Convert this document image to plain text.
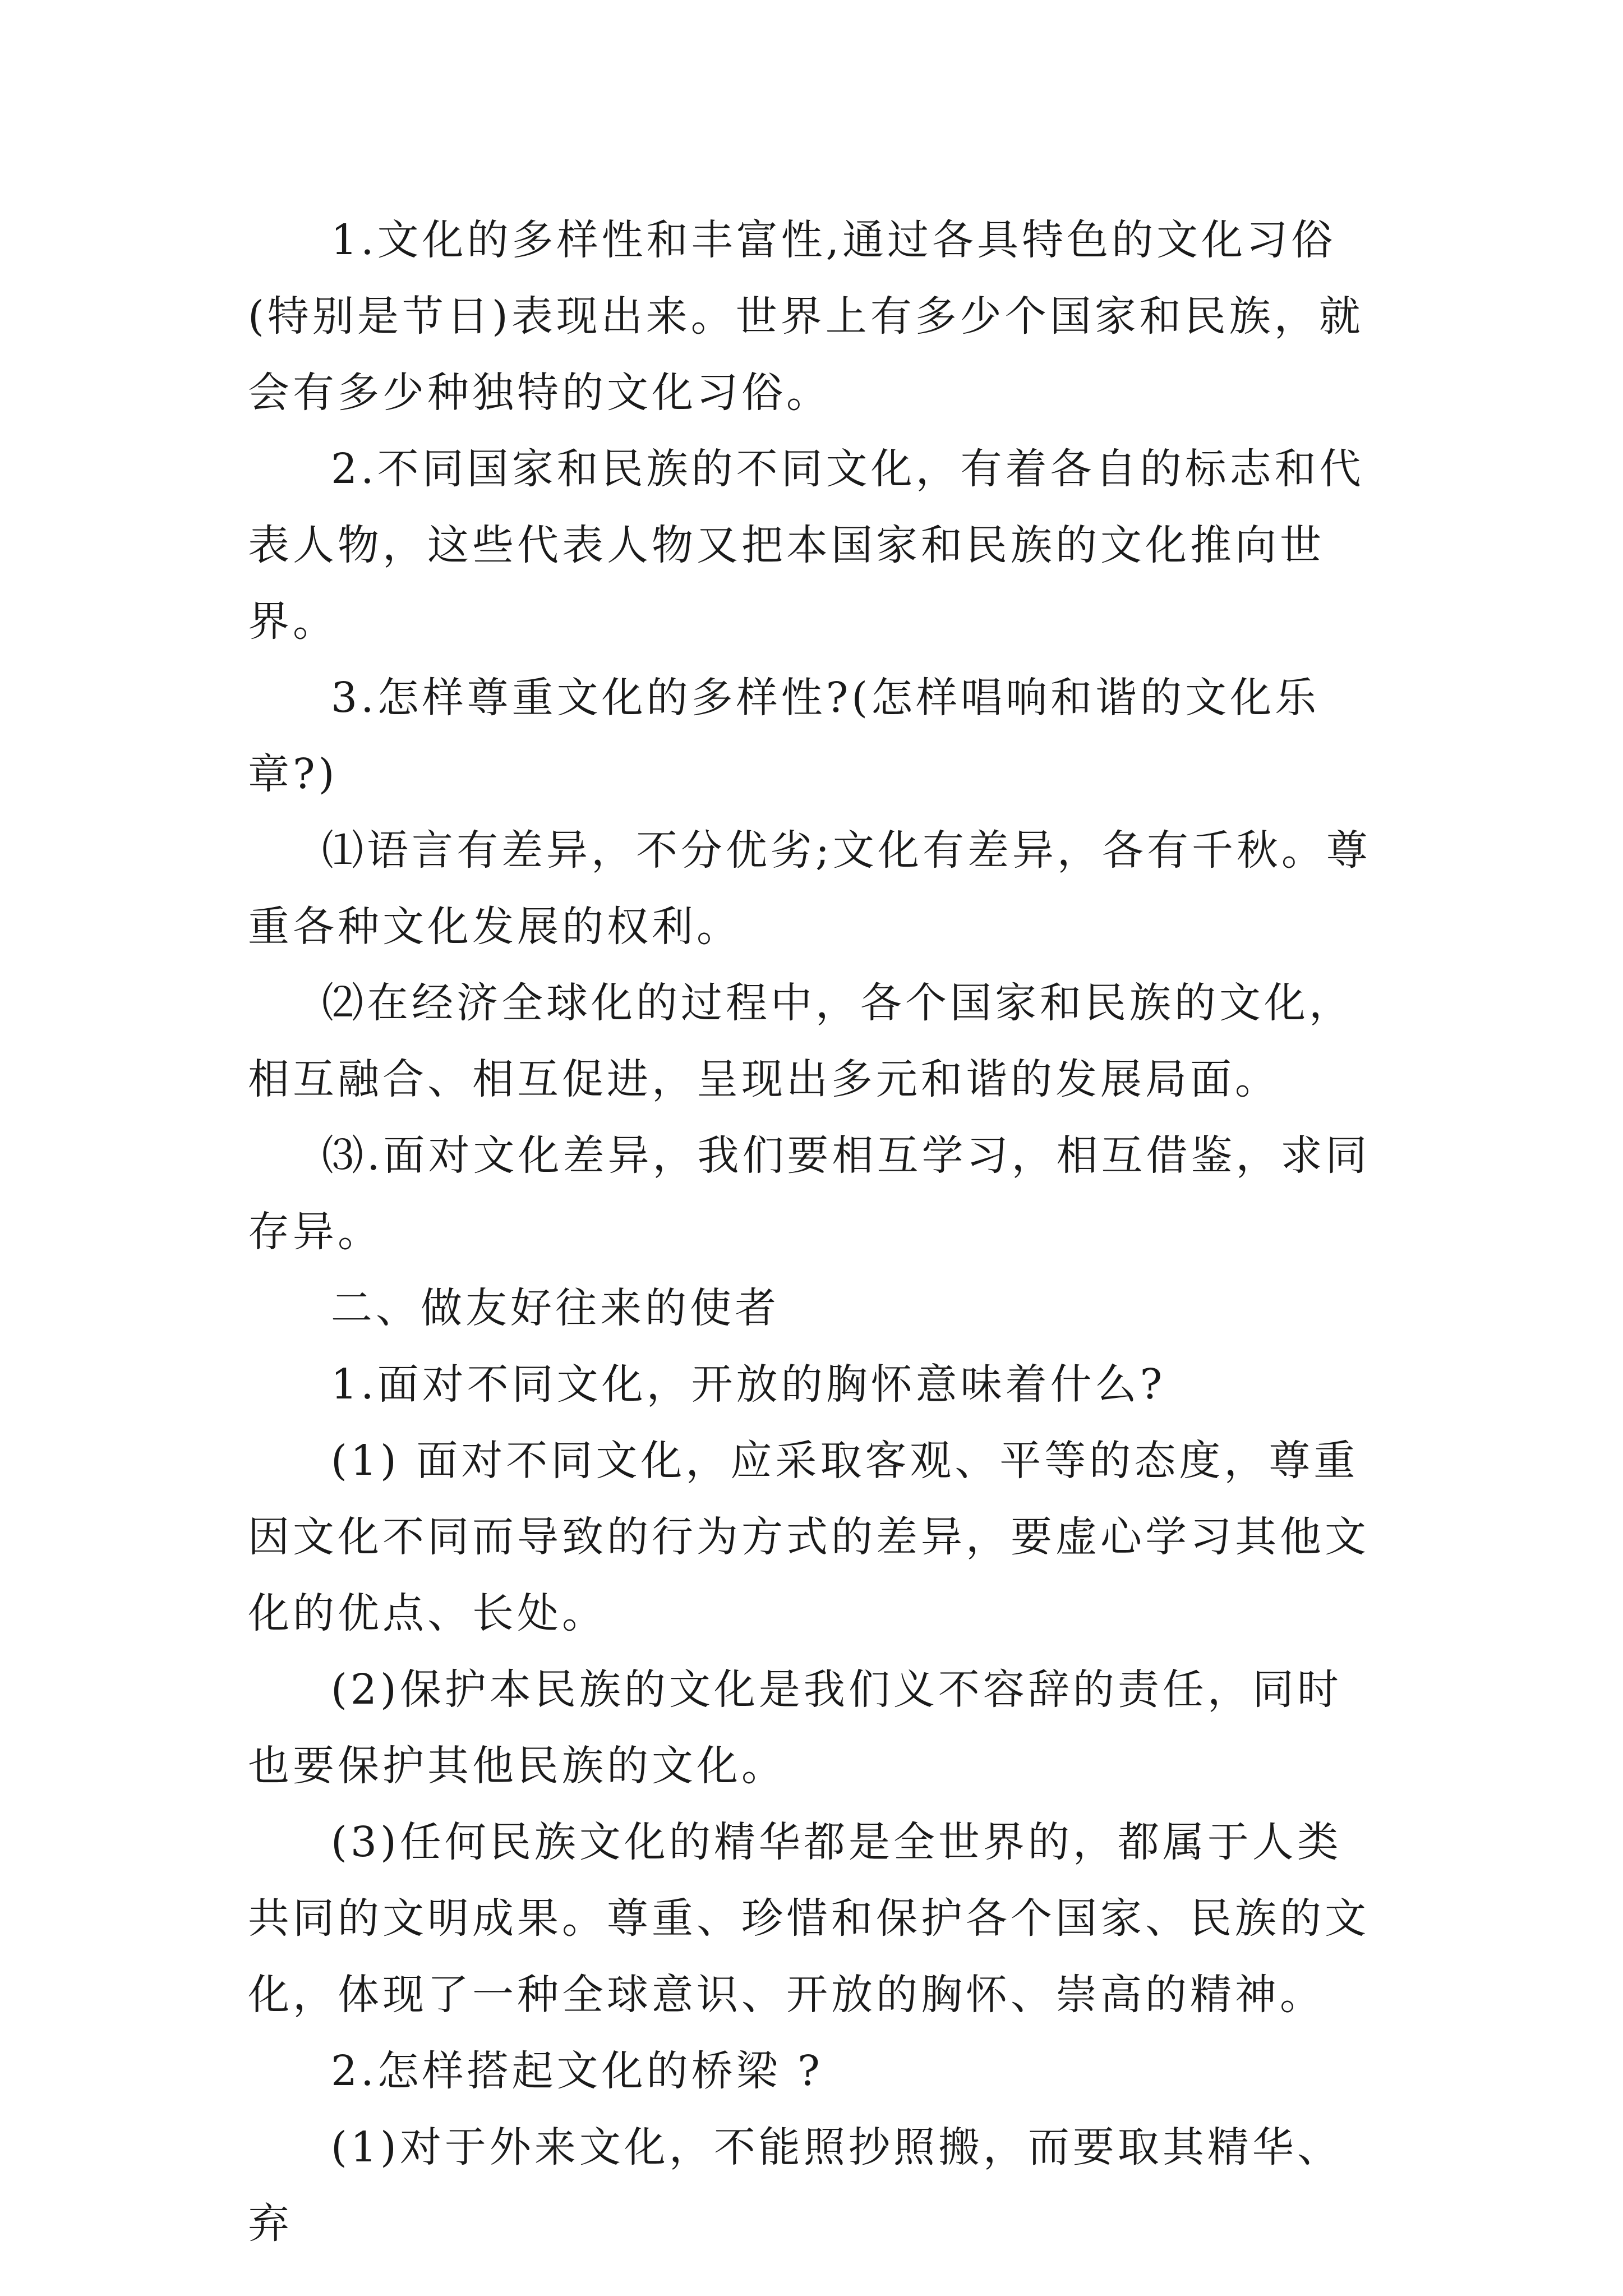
1.文化的多样性和丰富性,通过各具特色的文化习俗(特别是节日)表现出来。世界上有多少个国家和民族，就会有多少种独特的文化习俗。

2.不同国家和民族的不同文化，有着各自的标志和代表人物，这些代表人物又把本国家和民族的文化推向世界。

3.怎样尊重文化的多样性?(怎样唱响和谐的文化乐章?)

⑴语言有差异，不分优劣;文化有差异，各有千秋。尊重各种文化发展的权利。

⑵在经济全球化的过程中，各个国家和民族的文化，相互融合、相互促进，呈现出多元和谐的发展局面。

⑶.面对文化差异，我们要相互学习，相互借鉴，求同存异。

二、做友好往来的使者

1.面对不同文化，开放的胸怀意味着什么?

(1) 面对不同文化，应采取客观、平等的态度，尊重因文化不同而导致的行为方式的差异，要虚心学习其他文化的优点、长处。

(2)保护本民族的文化是我们义不容辞的责任，同时也要保护其他民族的文化。

(3)任何民族文化的精华都是全世界的，都属于人类共同的文明成果。尊重、珍惜和保护各个国家、民族的文化，体现了一种全球意识、开放的胸怀、崇高的精神。

2.怎样搭起文化的桥梁 ?

(1)对于外来文化，不能照抄照搬，而要取其精华、弃
